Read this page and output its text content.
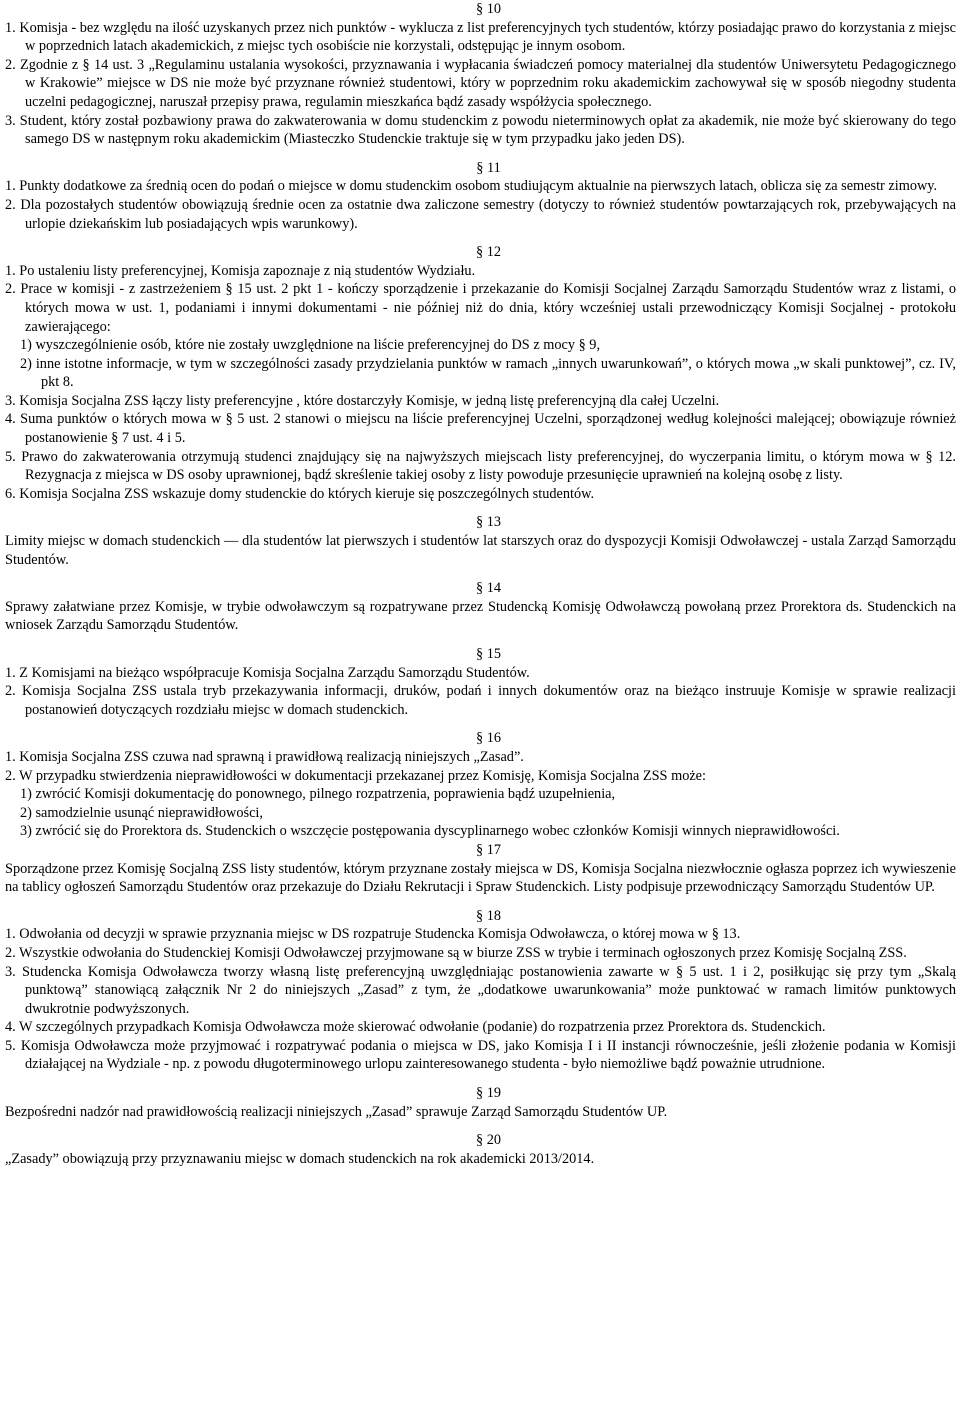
§ 10

1. Komisja - bez względu na ilość uzyskanych przez nich punktów - wyklucza z list preferencyjnych tych studentów, którzy posiadając prawo do korzystania z miejsc w poprzednich latach akademickich, z miejsc tych osobiście nie korzystali, odstępując je innym osobom.

2. Zgodnie z § 14 ust. 3 „Regulaminu ustalania wysokości, przyznawania i wypłacania świadczeń pomocy materialnej dla studentów Uniwersytetu Pedagogicznego w Krakowie” miejsce w DS nie może być przyznane również studentowi, który w poprzednim roku akademickim zachowywał się w sposób niegodny studenta uczelni pedagogicznej, naruszał przepisy prawa, regulamin mieszkańca bądź zasady współżycia społecznego.

3. Student, który został pozbawiony prawa do zakwaterowania w domu studenckim z powodu nieterminowych opłat za akademik, nie może być skierowany do tego samego DS w następnym roku akademickim (Miasteczko Studenckie traktuje się w tym przypadku jako jeden DS).

§ 11

1. Punkty dodatkowe za średnią ocen do podań o miejsce w domu studenckim osobom studiującym aktualnie na pierwszych latach, oblicza się za semestr zimowy.

2. Dla pozostałych studentów obowiązują średnie ocen za ostatnie dwa zaliczone semestry (dotyczy to również studentów powtarzających rok, przebywających na urlopie dziekańskim lub posiadających wpis warunkowy).

§ 12

1. Po ustaleniu listy preferencyjnej, Komisja zapoznaje z nią studentów Wydziału.

2. Prace w komisji - z zastrzeżeniem § 15 ust. 2 pkt 1 - kończy sporządzenie i przekazanie do Komisji Socjalnej Zarządu Samorządu Studentów wraz z listami, o których mowa w ust. 1, podaniami i innymi dokumentami - nie później niż do dnia, który wcześniej ustali przewodniczący Komisji Socjalnej - protokołu zawierającego:

1) wyszczególnienie osób, które nie zostały uwzględnione na liście preferencyjnej do DS z mocy § 9,

2) inne istotne informacje, w tym w szczególności zasady przydzielania punktów w ramach „innych uwarunkowań”, o których mowa „w skali punktowej”, cz. IV, pkt 8.

3. Komisja Socjalna ZSS łączy listy preferencyjne , które dostarczyły Komisje, w jedną listę preferencyjną dla całej Uczelni.

4. Suma punktów o których mowa w § 5 ust. 2 stanowi o miejscu na liście preferencyjnej Uczelni, sporządzonej według kolejności malejącej; obowiązuje również postanowienie § 7 ust. 4 i 5.

5. Prawo do zakwaterowania otrzymują studenci znajdujący się na najwyższych miejscach listy preferencyjnej, do wyczerpania limitu, o którym mowa w § 12. Rezygnacja z miejsca w DS osoby uprawnionej, bądź skreślenie takiej osoby z listy powoduje przesunięcie uprawnień na kolejną osobę z listy.

6. Komisja Socjalna ZSS wskazuje domy studenckie do których kieruje się poszczególnych studentów.

§ 13

Limity miejsc w domach studenckich — dla studentów lat pierwszych i studentów lat starszych oraz do dyspozycji Komisji Odwoławczej - ustala Zarząd Samorządu Studentów.

§ 14

Sprawy załatwiane przez Komisje, w trybie odwoławczym są rozpatrywane przez Studencką Komisję Odwoławczą powołaną przez Prorektora ds. Studenckich na wniosek Zarządu Samorządu Studentów.

§ 15

1. Z Komisjami na bieżąco współpracuje Komisja Socjalna Zarządu Samorządu Studentów.

2. Komisja Socjalna ZSS ustala tryb przekazywania informacji, druków, podań i innych dokumentów oraz na bieżąco instruuje Komisje w sprawie realizacji postanowień dotyczących rozdziału miejsc w domach studenckich.

§ 16

1. Komisja Socjalna ZSS czuwa nad sprawną i prawidłową realizacją niniejszych „Zasad”.

2. W przypadku stwierdzenia nieprawidłowości w dokumentacji przekazanej przez Komisję, Komisja Socjalna ZSS może:

1) zwrócić Komisji dokumentację do ponownego, pilnego rozpatrzenia, poprawienia bądź uzupełnienia,

2) samodzielnie usunąć nieprawidłowości,

3) zwrócić się do Prorektora ds. Studenckich o wszczęcie postępowania dyscyplinarnego wobec członków Komisji winnych nieprawidłowości.

§ 17

Sporządzone przez Komisję Socjalną ZSS listy studentów, którym przyznane zostały miejsca w DS, Komisja Socjalna niezwłocznie ogłasza poprzez ich wywieszenie na tablicy ogłoszeń Samorządu Studentów oraz przekazuje do Działu Rekrutacji i Spraw Studenckich. Listy podpisuje przewodniczący Samorządu Studentów UP.

§ 18

1. Odwołania od decyzji w sprawie przyznania miejsc w DS rozpatruje Studencka Komisja Odwoławcza, o której mowa w § 13.

2. Wszystkie odwołania do Studenckiej Komisji Odwoławczej przyjmowane są w biurze ZSS w trybie i terminach ogłoszonych przez Komisję Socjalną ZSS.

3. Studencka Komisja Odwoławcza tworzy własną listę preferencyjną uwzględniając postanowienia zawarte w § 5 ust. 1 i 2, posiłkując się przy tym „Skalą punktową” stanowiącą załącznik Nr 2 do niniejszych „Zasad” z tym, że „dodatkowe uwarunkowania” może punktować w ramach limitów punktowych dwukrotnie podwyższonych.

4. W szczególnych przypadkach Komisja Odwoławcza może skierować odwołanie (podanie) do rozpatrzenia przez Prorektora ds. Studenckich.

5. Komisja Odwoławcza może przyjmować i rozpatrywać podania o miejsca w DS, jako Komisja I i II instancji równocześnie, jeśli złożenie podania w Komisji działającej na Wydziale - np. z powodu długoterminowego urlopu zainteresowanego studenta - było niemożliwe bądź poważnie utrudnione.

§ 19

Bezpośredni nadzór nad prawidłowością realizacji niniejszych „Zasad” sprawuje Zarząd Samorządu Studentów UP.

§ 20

„Zasady” obowiązują przy przyznawaniu miejsc w domach studenckich na rok akademicki 2013/2014.
